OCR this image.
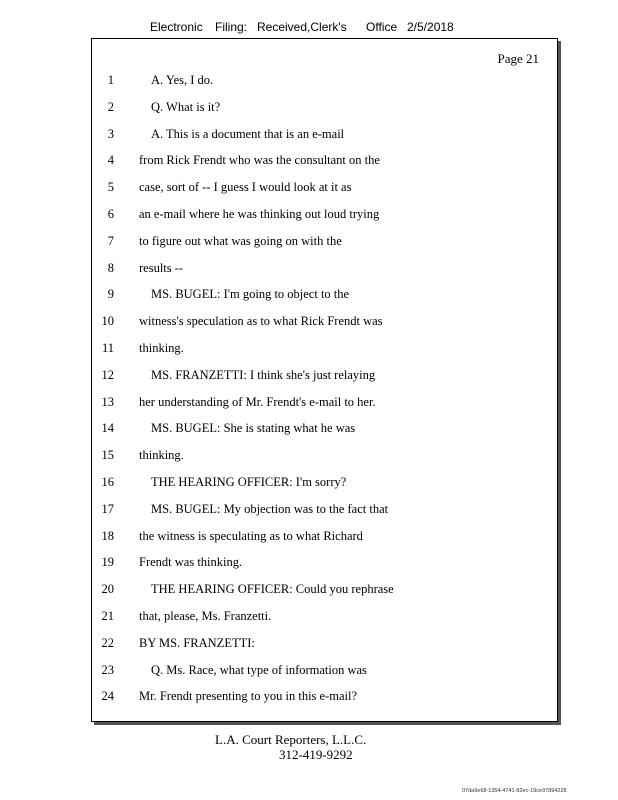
Electronic Filing: Received,Clerk's Office 2/5/2018
Page 21
1	A. Yes, I do.
2	Q. What is it?
3	A. This is a document that is an e-mail
4 from Rick Frendt who was the consultant on the
5 case, sort of -- I guess I would look at it as
6 an e-mail where he was thinking out loud trying
7 to figure out what was going on with the
8 results --
9	MS. BUGEL: I'm going to object to the
10 witness's speculation as to what Rick Frendt was
11 thinking.
12	MS. FRANZETTI: I think she's just relaying
13 her understanding of Mr. Frendt's e-mail to her.
14	MS. BUGEL: She is stating what he was
15 thinking.
16	THE HEARING OFFICER: I'm sorry?
17	MS. BUGEL: My objection was to the fact that
18 the witness is speculating as to what Richard
19 Frendt was thinking.
20	THE HEARING OFFICER: Could you rephrase
21 that, please, Ms. Franzetti.
22 BY MS. FRANZETTI:
23	Q. Ms. Race, what type of information was
24 Mr. Frendt presenting to you in this e-mail?
L.A. Court Reporters, L.L.C.
312-419-9292
07da9e68-1354-4741-82ec-19ce97894228
